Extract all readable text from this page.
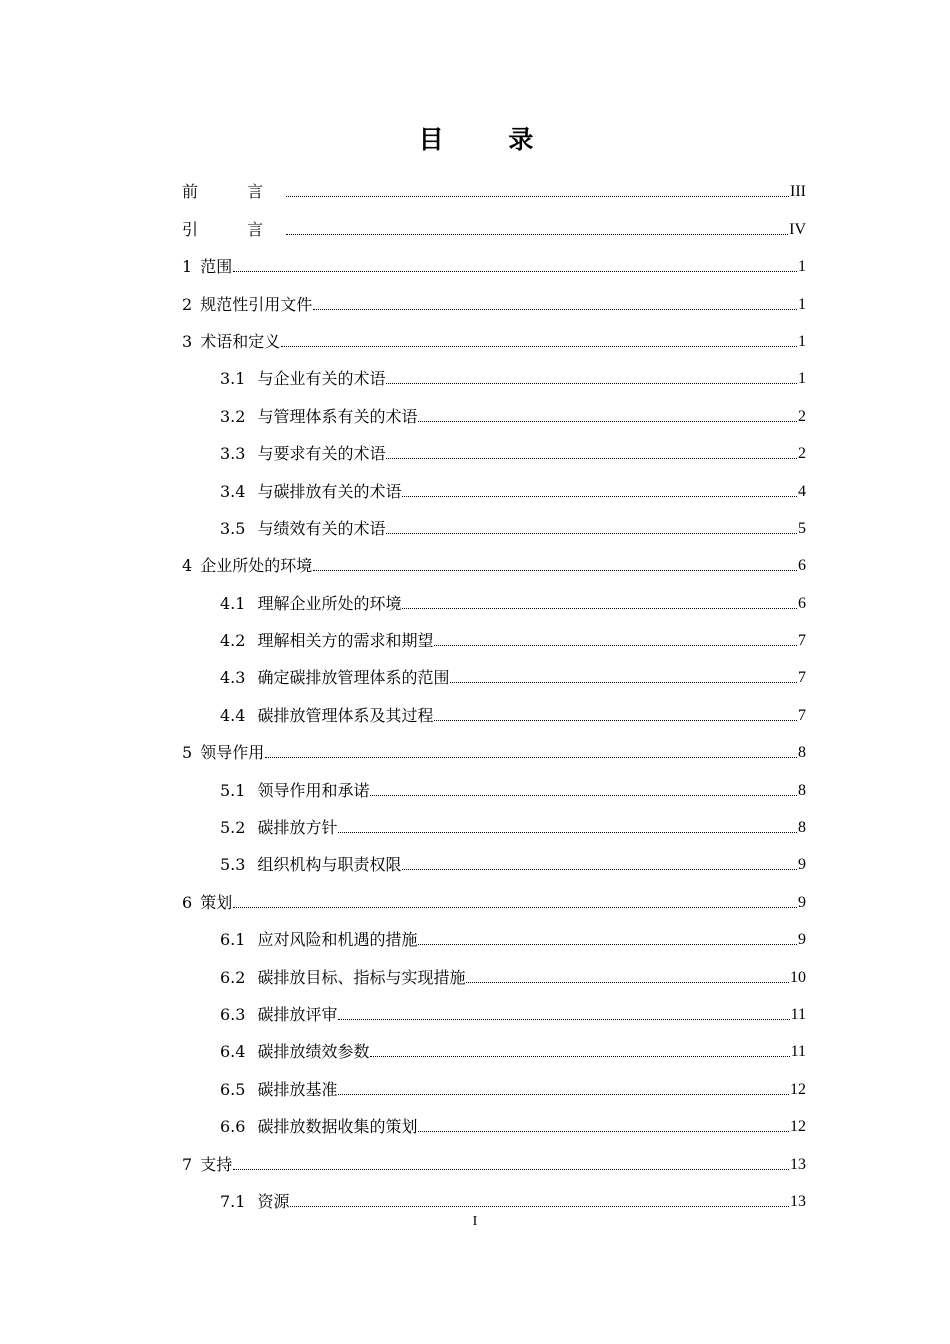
目 录
前 言	III
引 言	IV
1 范围	1
2 规范性引用文件	1
3 术语和定义	1
3.1 与企业有关的术语	1
3.2 与管理体系有关的术语	2
3.3 与要求有关的术语	2
3.4 与碳排放有关的术语	4
3.5 与绩效有关的术语	5
4 企业所处的环境	6
4.1 理解企业所处的环境	6
4.2 理解相关方的需求和期望	7
4.3 确定碳排放管理体系的范围	7
4.4 碳排放管理体系及其过程	7
5 领导作用	8
5.1 领导作用和承诺	8
5.2 碳排放方针	8
5.3 组织机构与职责权限	9
6 策划	9
6.1 应对风险和机遇的措施	9
6.2 碳排放目标、指标与实现措施	10
6.3 碳排放评审	11
6.4 碳排放绩效参数	11
6.5 碳排放基准	12
6.6 碳排放数据收集的策划	12
7 支持	13
7.1 资源	13
I
